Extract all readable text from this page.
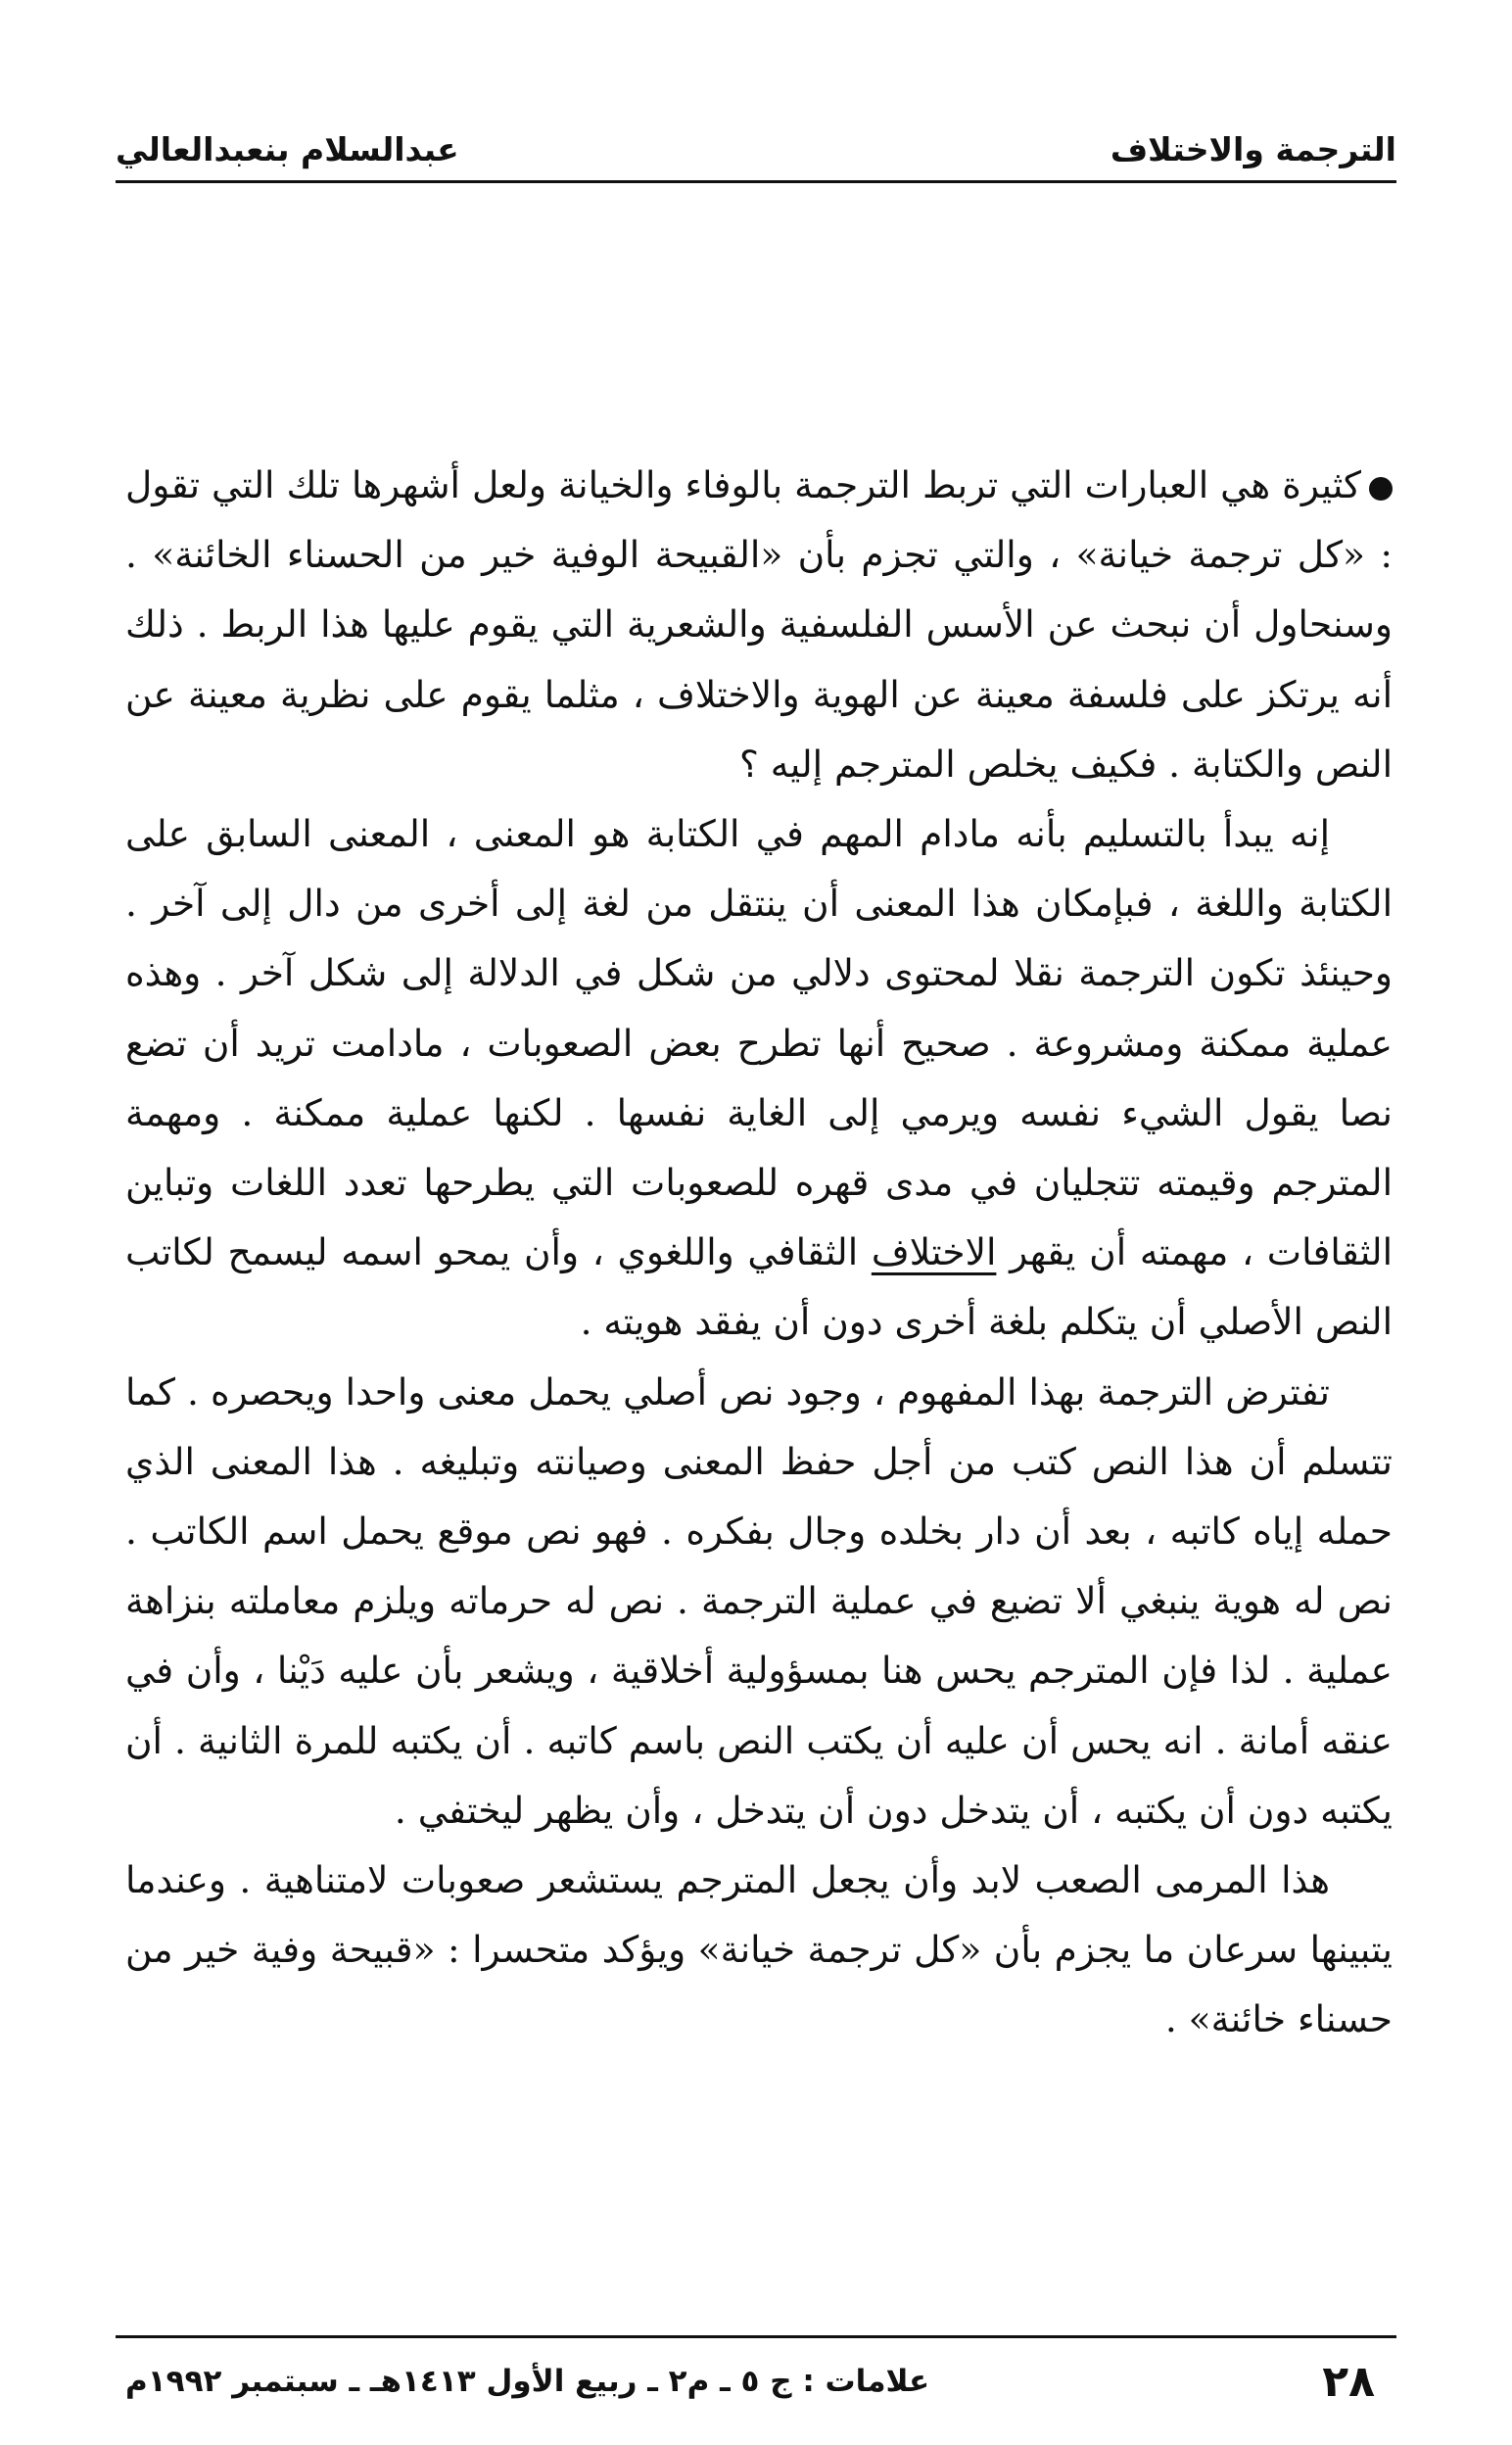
الترجمة والاختلاف
عبدالسلام بنعبدالعالي

كثيرة هي العبارات التي تربط الترجمة بالوفاء والخيانة ولعل أشهرها تلك التي تقول : «كل ترجمة خيانة» ، والتي تجزم بأن «القبيحة الوفية خير من الحسناء الخائنة» . وسنحاول أن نبحث عن الأسس الفلسفية والشعرية التي يقوم عليها هذا الربط . ذلك أنه يرتكز على فلسفة معينة عن الهوية والاختلاف ، مثلما يقوم على نظرية معينة عن النص والكتابة . فكيف يخلص المترجم إليه ؟

إنه يبدأ بالتسليم بأنه مادام المهم في الكتابة هو المعنى ، المعنى السابق على الكتابة واللغة ، فبإمكان هذا المعنى أن ينتقل من لغة إلى أخرى من دال إلى آخر . وحينئذ تكون الترجمة نقلا لمحتوى دلالي من شكل في الدلالة إلى شكل آخر . وهذه عملية ممكنة ومشروعة . صحيح أنها تطرح بعض الصعوبات ، مادامت تريد أن تضع نصا يقول الشيء نفسه ويرمي إلى الغاية نفسها . لكنها عملية ممكنة . ومهمة المترجم وقيمته تتجليان في مدى قهره للصعوبات التي يطرحها تعدد اللغات وتباين الثقافات ، مهمته أن يقهر الاختلاف الثقافي واللغوي ، وأن يمحو اسمه ليسمح لكاتب النص الأصلي أن يتكلم بلغة أخرى دون أن يفقد هويته .

تفترض الترجمة بهذا المفهوم ، وجود نص أصلي يحمل معنى واحدا ويحصره . كما تتسلم أن هذا النص كتب من أجل حفظ المعنى وصيانته وتبليغه . هذا المعنى الذي حمله إياه كاتبه ، بعد أن دار بخلده وجال بفكره . فهو نص موقع يحمل اسم الكاتب . نص له هوية ينبغي ألا تضيع في عملية الترجمة . نص له حرماته ويلزم معاملته بنزاهة عملية . لذا فإن المترجم يحس هنا بمسؤولية أخلاقية ، ويشعر بأن عليه دَيْنا ، وأن في عنقه أمانة . انه يحس أن عليه أن يكتب النص باسم كاتبه . أن يكتبه للمرة الثانية . أن يكتبه دون أن يكتبه ، أن يتدخل دون أن يتدخل ، وأن يظهر ليختفي .

هذا المرمى الصعب لابد وأن يجعل المترجم يستشعر صعوبات لامتناهية . وعندما يتبينها سرعان ما يجزم بأن «كل ترجمة خيانة» ويؤكد متحسرا : «قبيحة وفية خير من حسناء خائنة» .

٢٨
علامات : ج ٥ ـ م٢ ـ ربيع الأول ١٤١٣هـ ـ سبتمبر ١٩٩٢م
